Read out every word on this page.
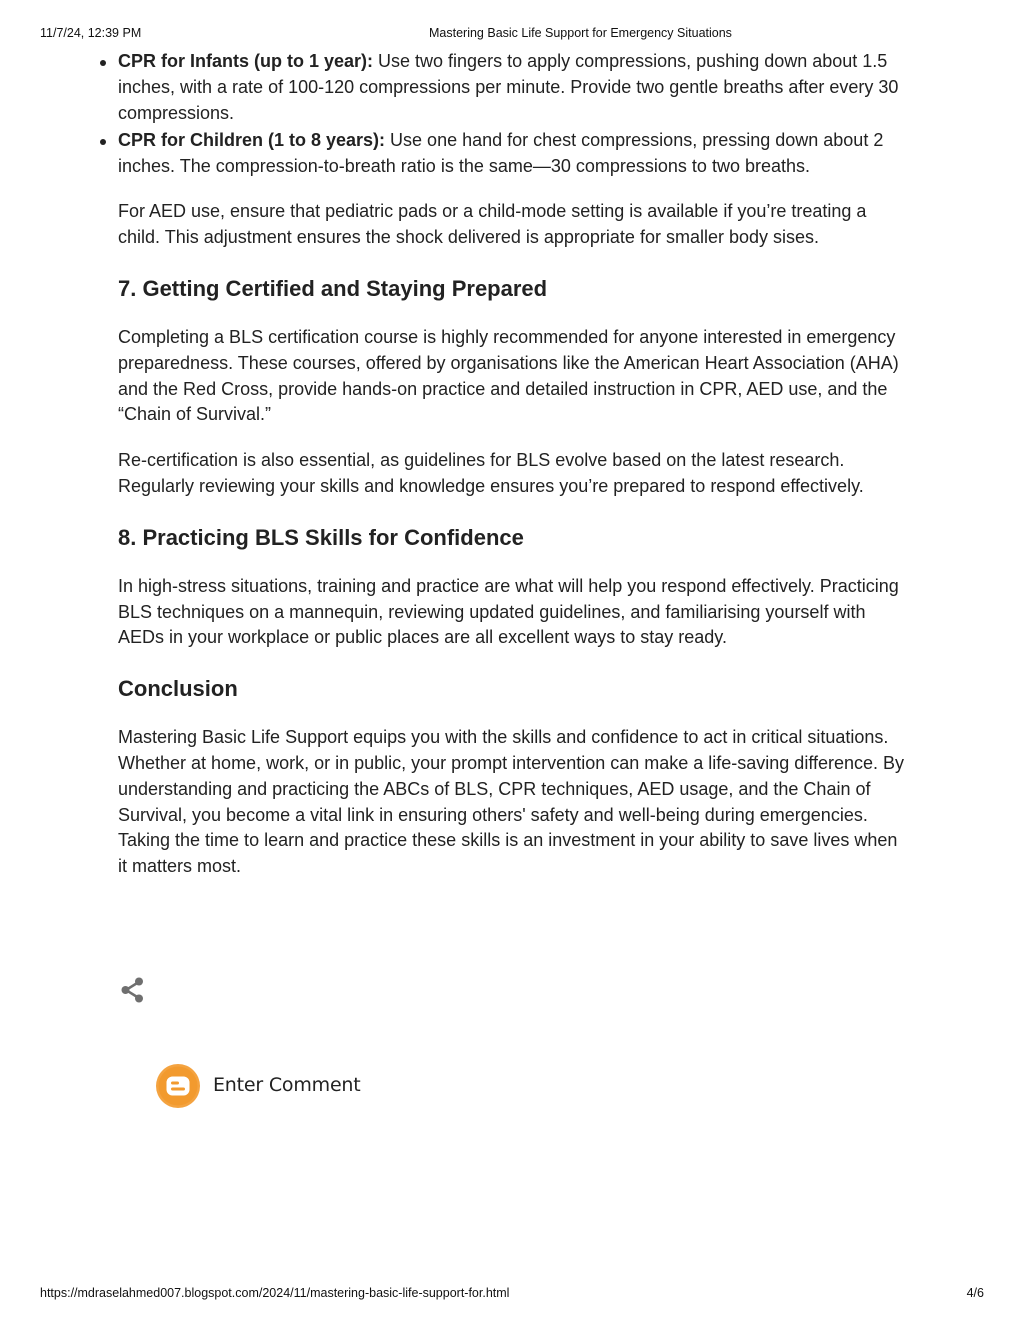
11/7/24, 12:39 PM	Mastering Basic Life Support for Emergency Situations
CPR for Infants (up to 1 year): Use two fingers to apply compressions, pushing down about 1.5 inches, with a rate of 100-120 compressions per minute. Provide two gentle breaths after every 30 compressions.
CPR for Children (1 to 8 years): Use one hand for chest compressions, pressing down about 2 inches. The compression-to-breath ratio is the same—30 compressions to two breaths.

For AED use, ensure that pediatric pads or a child-mode setting is available if you’re treating a child. This adjustment ensures the shock delivered is appropriate for smaller body sises.

7. Getting Certified and Staying Prepared

Completing a BLS certification course is highly recommended for anyone interested in emergency preparedness. These courses, offered by organisations like the American Heart Association (AHA) and the Red Cross, provide hands-on practice and detailed instruction in CPR, AED use, and the “Chain of Survival.”

Re-certification is also essential, as guidelines for BLS evolve based on the latest research. Regularly reviewing your skills and knowledge ensures you’re prepared to respond effectively.

8. Practicing BLS Skills for Confidence

In high-stress situations, training and practice are what will help you respond effectively. Practicing BLS techniques on a mannequin, reviewing updated guidelines, and familiarising yourself with AEDs in your workplace or public places are all excellent ways to stay ready.

Conclusion

Mastering Basic Life Support equips you with the skills and confidence to act in critical situations. Whether at home, work, or in public, your prompt intervention can make a life-saving difference. By understanding and practicing the ABCs of BLS, CPR techniques, AED usage, and the Chain of Survival, you become a vital link in ensuring others' safety and well-being during emergencies. Taking the time to learn and practice these skills is an investment in your ability to save lives when it matters most.

Enter Comment
https://mdraselahmed007.blogspot.com/2024/11/mastering-basic-life-support-for.html	4/6
